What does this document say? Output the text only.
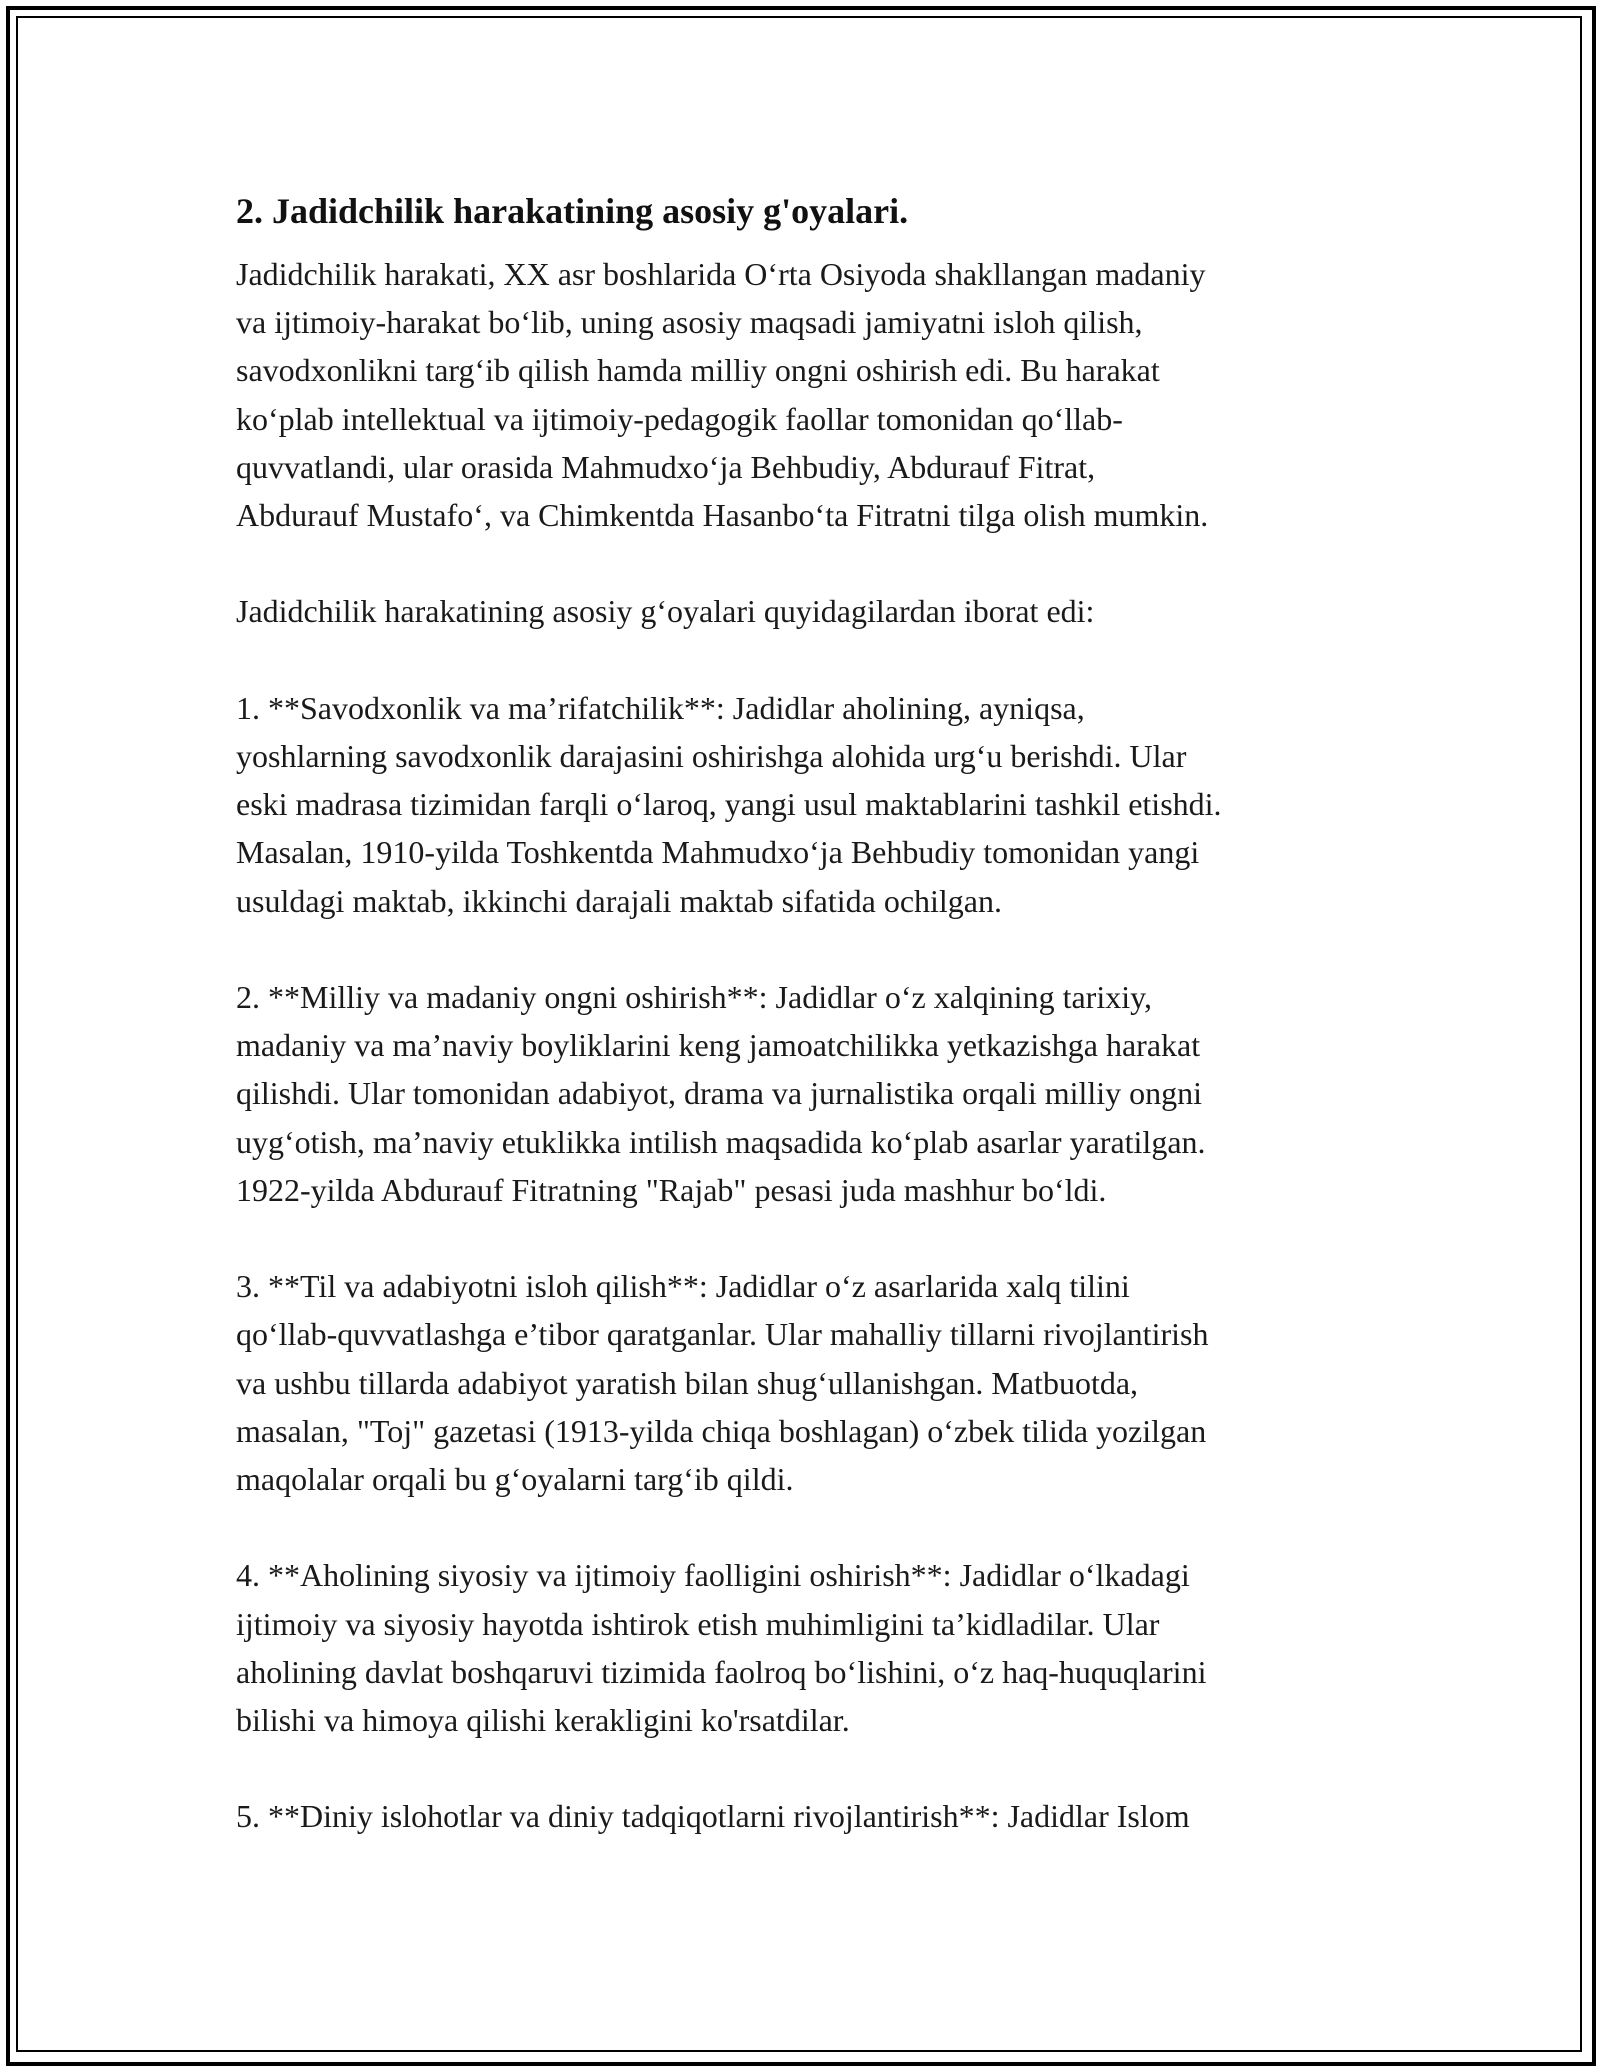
2. Jadidchilik harakatining asosiy g'oyalari.

Jadidchilik harakati, XX asr boshlarida O‘rta Osiyoda shakllangan madaniy
va ijtimoiy-harakat bo‘lib, uning asosiy maqsadi jamiyatni isloh qilish,
savodxonlikni targ‘ib qilish hamda milliy ongni oshirish edi. Bu harakat
ko‘plab intellektual va ijtimoiy-pedagogik faollar tomonidan qo‘llab-
quvvatlandi, ular orasida Mahmudxo‘ja Behbudiy, Abdurauf Fitrat,
Abdurauf Mustafo‘, va Chimkentda Hasanbo‘ta Fitratni tilga olish mumkin.

Jadidchilik harakatining asosiy g‘oyalari quyidagilardan iborat edi:

1. **Savodxonlik va ma’rifatchilik**: Jadidlar aholining, ayniqsa,
yoshlarning savodxonlik darajasini oshirishga alohida urg‘u berishdi. Ular
eski madrasa tizimidan farqli o‘laroq, yangi usul maktablarini tashkil etishdi.
Masalan, 1910-yilda Toshkentda Mahmudxo‘ja Behbudiy tomonidan yangi
usuldagi maktab, ikkinchi darajali maktab sifatida ochilgan.

2. **Milliy va madaniy ongni oshirish**: Jadidlar o‘z xalqining tarixiy,
madaniy va ma’naviy boyliklarini keng jamoatchilikka yetkazishga harakat
qilishdi. Ular tomonidan adabiyot, drama va jurnalistika orqali milliy ongni
uyg‘otish, ma’naviy etuklikka intilish maqsadida ko‘plab asarlar yaratilgan.
1922-yilda Abdurauf Fitratning "Rajab" pesasi juda mashhur bo‘ldi.

3. **Til va adabiyotni isloh qilish**: Jadidlar o‘z asarlarida xalq tilini
qo‘llab-quvvatlashga e’tibor qaratganlar. Ular mahalliy tillarni rivojlantirish
va ushbu tillarda adabiyot yaratish bilan shug‘ullanishgan. Matbuotda,
masalan, "Toj" gazetasi (1913-yilda chiqa boshlagan) o‘zbek tilida yozilgan
maqolalar orqali bu g‘oyalarni targ‘ib qildi.

4. **Aholining siyosiy va ijtimoiy faolligini oshirish**: Jadidlar o‘lkadagi
ijtimoiy va siyosiy hayotda ishtirok etish muhimligini ta’kidladilar. Ular
aholining davlat boshqaruvi tizimida faolroq bo‘lishini, o‘z haq-huquqlarini
bilishi va himoya qilishi kerakligini ko'rsatdilar.

5. **Diniy islohotlar va diniy tadqiqotlarni rivojlantirish**: Jadidlar Islom
